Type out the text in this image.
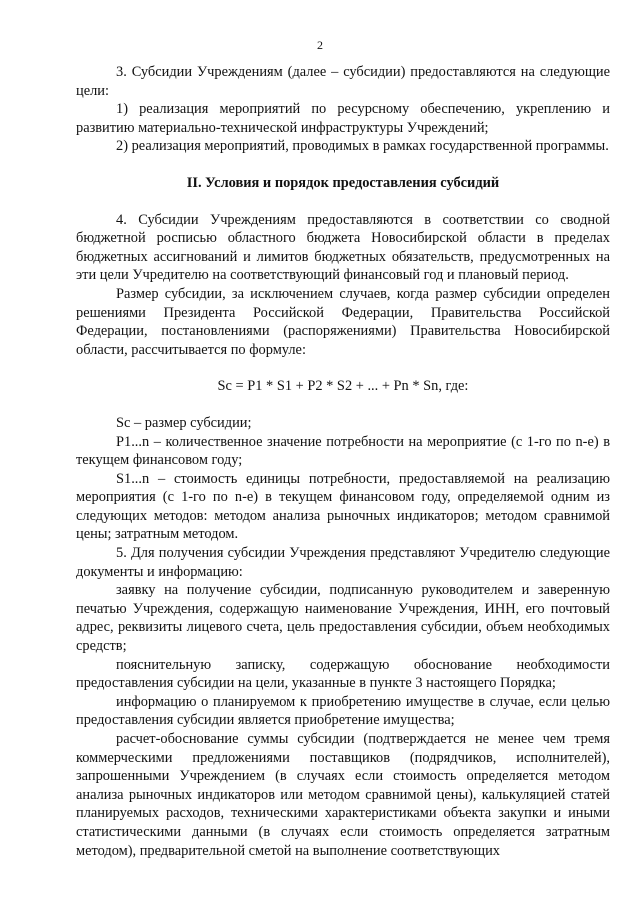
2

3. Субсидии Учреждениям (далее – субсидии) предоставляются на следующие цели:

1) реализация мероприятий по ресурсному обеспечению, укреплению и развитию материально-технической инфраструктуры Учреждений;

2) реализация мероприятий, проводимых в рамках государственной программы.

II. Условия и порядок предоставления субсидий

4. Субсидии Учреждениям предоставляются в соответствии со сводной бюджетной росписью областного бюджета Новосибирской области в пределах бюджетных ассигнований и лимитов бюджетных обязательств, предусмотренных на эти цели Учредителю на соответствующий финансовый год и плановый период.

Размер субсидии, за исключением случаев, когда размер субсидии определен решениями Президента Российской Федерации, Правительства Российской Федерации, постановлениями (распоряжениями) Правительства Новосибирской области, рассчитывается по формуле:

Sc = P1 * S1 + P2 * S2 + ... + Pn * Sn, где:

Sc – размер субсидии;

P1...n – количественное значение потребности на мероприятие (с 1-го по n-е) в текущем финансовом году;

S1...n – стоимость единицы потребности, предоставляемой на реализацию мероприятия (с 1-го по n-е) в текущем финансовом году, определяемой одним из следующих методов: методом анализа рыночных индикаторов; методом сравнимой цены; затратным методом.

5. Для получения субсидии Учреждения представляют Учредителю следующие документы и информацию:

заявку на получение субсидии, подписанную руководителем и заверенную печатью Учреждения, содержащую наименование Учреждения, ИНН, его почтовый адрес, реквизиты лицевого счета, цель предоставления субсидии, объем необходимых средств;

пояснительную записку, содержащую обоснование необходимости предоставления субсидии на цели, указанные в пункте 3 настоящего Порядка;

информацию о планируемом к приобретению имуществе в случае, если целью предоставления субсидии является приобретение имущества;

расчет-обоснование суммы субсидии (подтверждается не менее чем тремя коммерческими предложениями поставщиков (подрядчиков, исполнителей), запрошенными Учреждением (в случаях если стоимость определяется методом анализа рыночных индикаторов или методом сравнимой цены), калькуляцией статей планируемых расходов, техническими характеристиками объекта закупки и иными статистическими данными (в случаях если стоимость определяется затратным методом), предварительной сметой на выполнение соответствующих
